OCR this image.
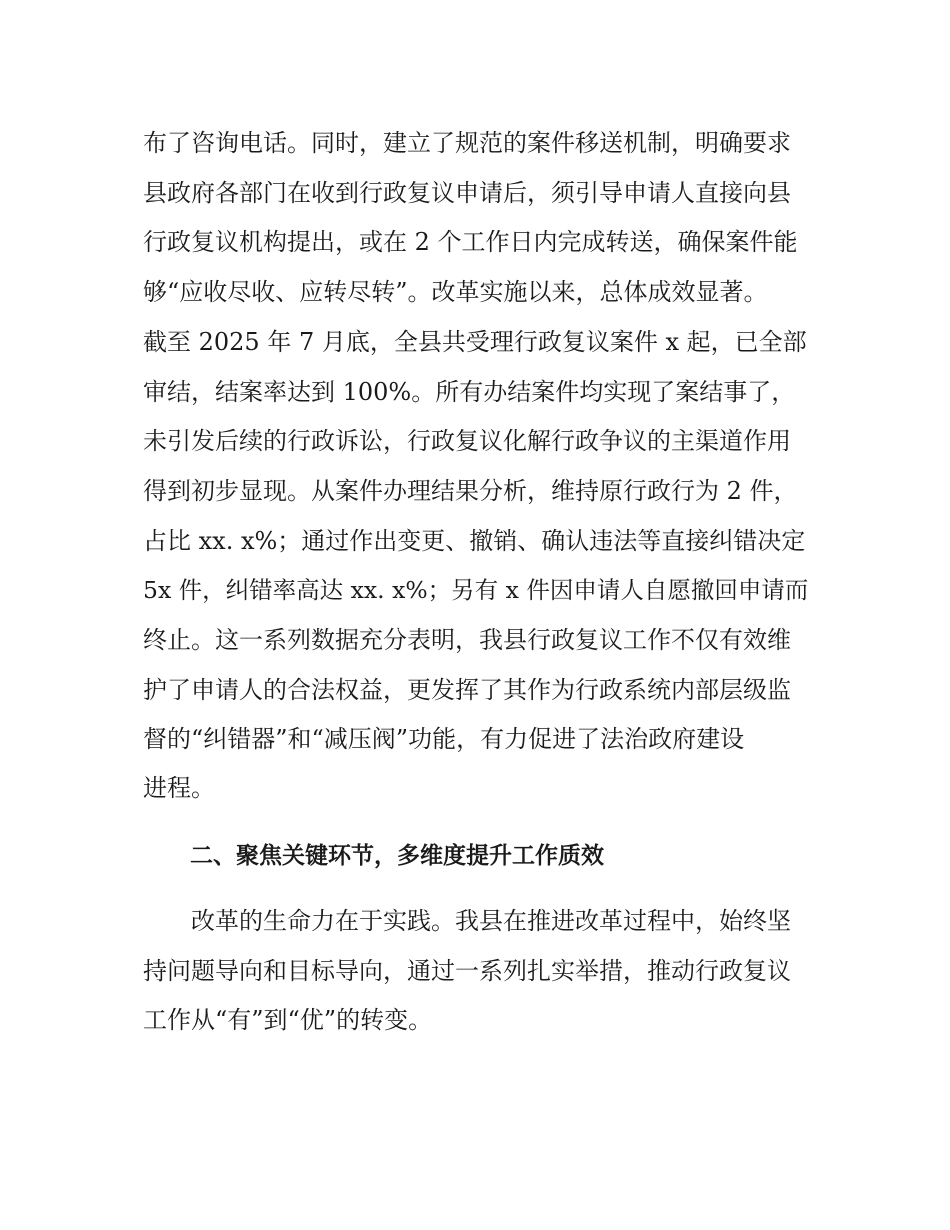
布了咨询电话。同时，建立了规范的案件移送机制，明确要求
县政府各部门在收到行政复议申请后，须引导申请人直接向县
行政复议机构提出，或在 2 个工作日内完成转送，确保案件能
够“应收尽收、应转尽转”。改革实施以来，总体成效显著。
截至 2025 年 7 月底，全县共受理行政复议案件 x 起，已全部
审结，结案率达到 100%。所有办结案件均实现了案结事了，
未引发后续的行政诉讼，行政复议化解行政争议的主渠道作用
得到初步显现。从案件办理结果分析，维持原行政行为 2 件，
占比 xx. x%；通过作出变更、撤销、确认违法等直接纠错决定
5x 件，纠错率高达 xx. x%；另有 x 件因申请人自愿撤回申请而
终止。这一系列数据充分表明，我县行政复议工作不仅有效维
护了申请人的合法权益，更发挥了其作为行政系统内部层级监
督的“纠错器”和“减压阀”功能，有力促进了法治政府建设
进程。
二、聚焦关键环节，多维度提升工作质效
改革的生命力在于实践。我县在推进改革过程中，始终坚
持问题导向和目标导向，通过一系列扎实举措，推动行政复议
工作从“有”到“优”的转变。
